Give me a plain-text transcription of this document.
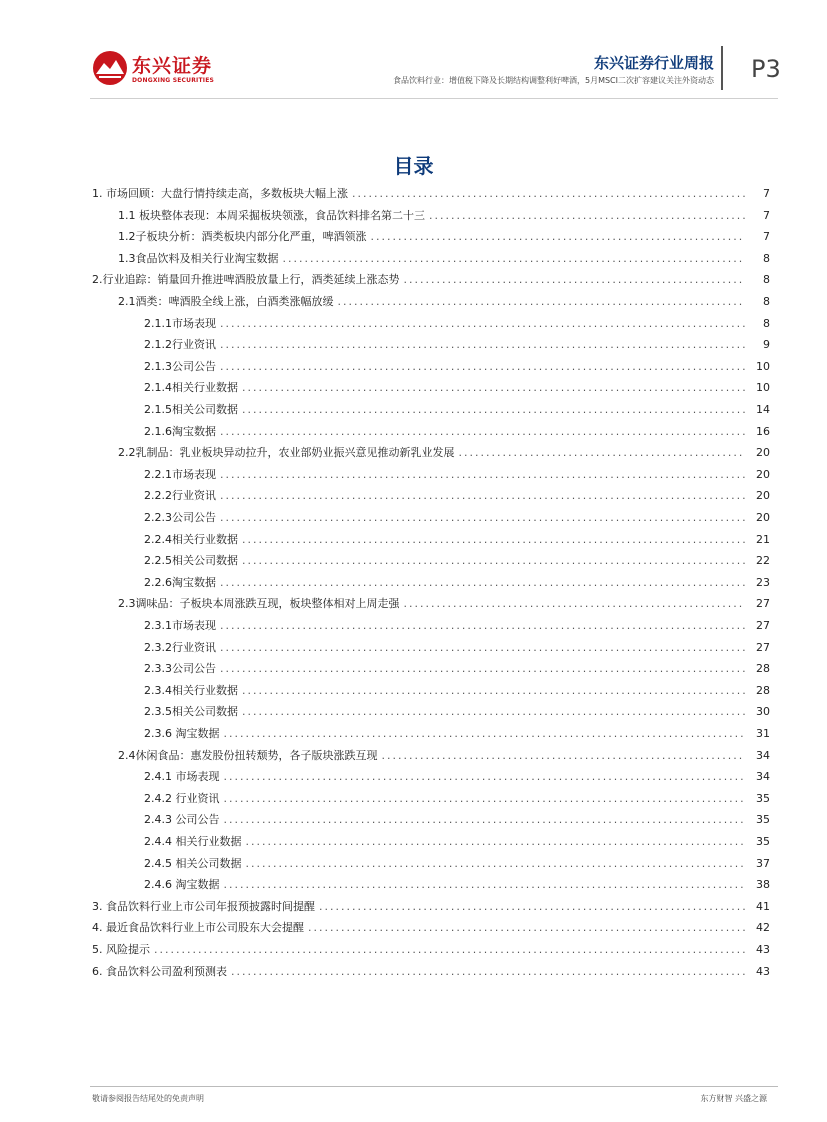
东兴证券
DONGXING SECURITIES
东兴证券行业周报
食品饮料行业：增值税下降及长期结构调整利好啤酒，5月MSCI二次扩容建议关注外资动态 P3
目录
1. 市场回顾：大盘行情持续走高，多数板块大幅上涨 .....	7
1.1 板块整体表现：本周采掘板块领涨，食品饮料排名第二十三 .....	7
1.2子板块分析：酒类板块内部分化严重，啤酒领涨 .....	7
1.3食品饮料及相关行业淘宝数据 .....	8
2.行业追踪：销量回升推进啤酒股放量上行，酒类延续上涨态势 .....	8
2.1酒类：啤酒股全线上涨，白酒类涨幅放缓 .....	8
2.1.1市场表现 .....	8
2.1.2行业资讯 .....	9
2.1.3公司公告 .....	10
2.1.4相关行业数据 .....	10
2.1.5相关公司数据 .....	14
2.1.6淘宝数据 .....	16
2.2乳制品：乳业板块异动拉升，农业部奶业振兴意见推动新乳业发展 .....	20
2.2.1市场表现 .....	20
2.2.2行业资讯 .....	20
2.2.3公司公告 .....	20
2.2.4相关行业数据 .....	21
2.2.5相关公司数据 .....	22
2.2.6淘宝数据 .....	23
2.3调味品：子板块本周涨跌互现，板块整体相对上周走强 .....	27
2.3.1市场表现 .....	27
2.3.2行业资讯 .....	27
2.3.3公司公告 .....	28
2.3.4相关行业数据 .....	28
2.3.5相关公司数据 .....	30
2.3.6 淘宝数据 .....	31
2.4休闲食品：惠发股份扭转颓势，各子版块涨跌互现 .....	34
2.4.1 市场表现 .....	34
2.4.2 行业资讯 .....	35
2.4.3 公司公告 .....	35
2.4.4 相关行业数据 .....	35
2.4.5 相关公司数据 .....	37
2.4.6 淘宝数据 .....	38
3. 食品饮料行业上市公司年报预披露时间提醒 .....	41
4. 最近食品饮料行业上市公司股东大会提醒 .....	42
5. 风险提示 .....	43
6. 食品饮料公司盈利预测表 .....	43
敬请参阅报告结尾处的免责声明	东方财智 兴盛之源
